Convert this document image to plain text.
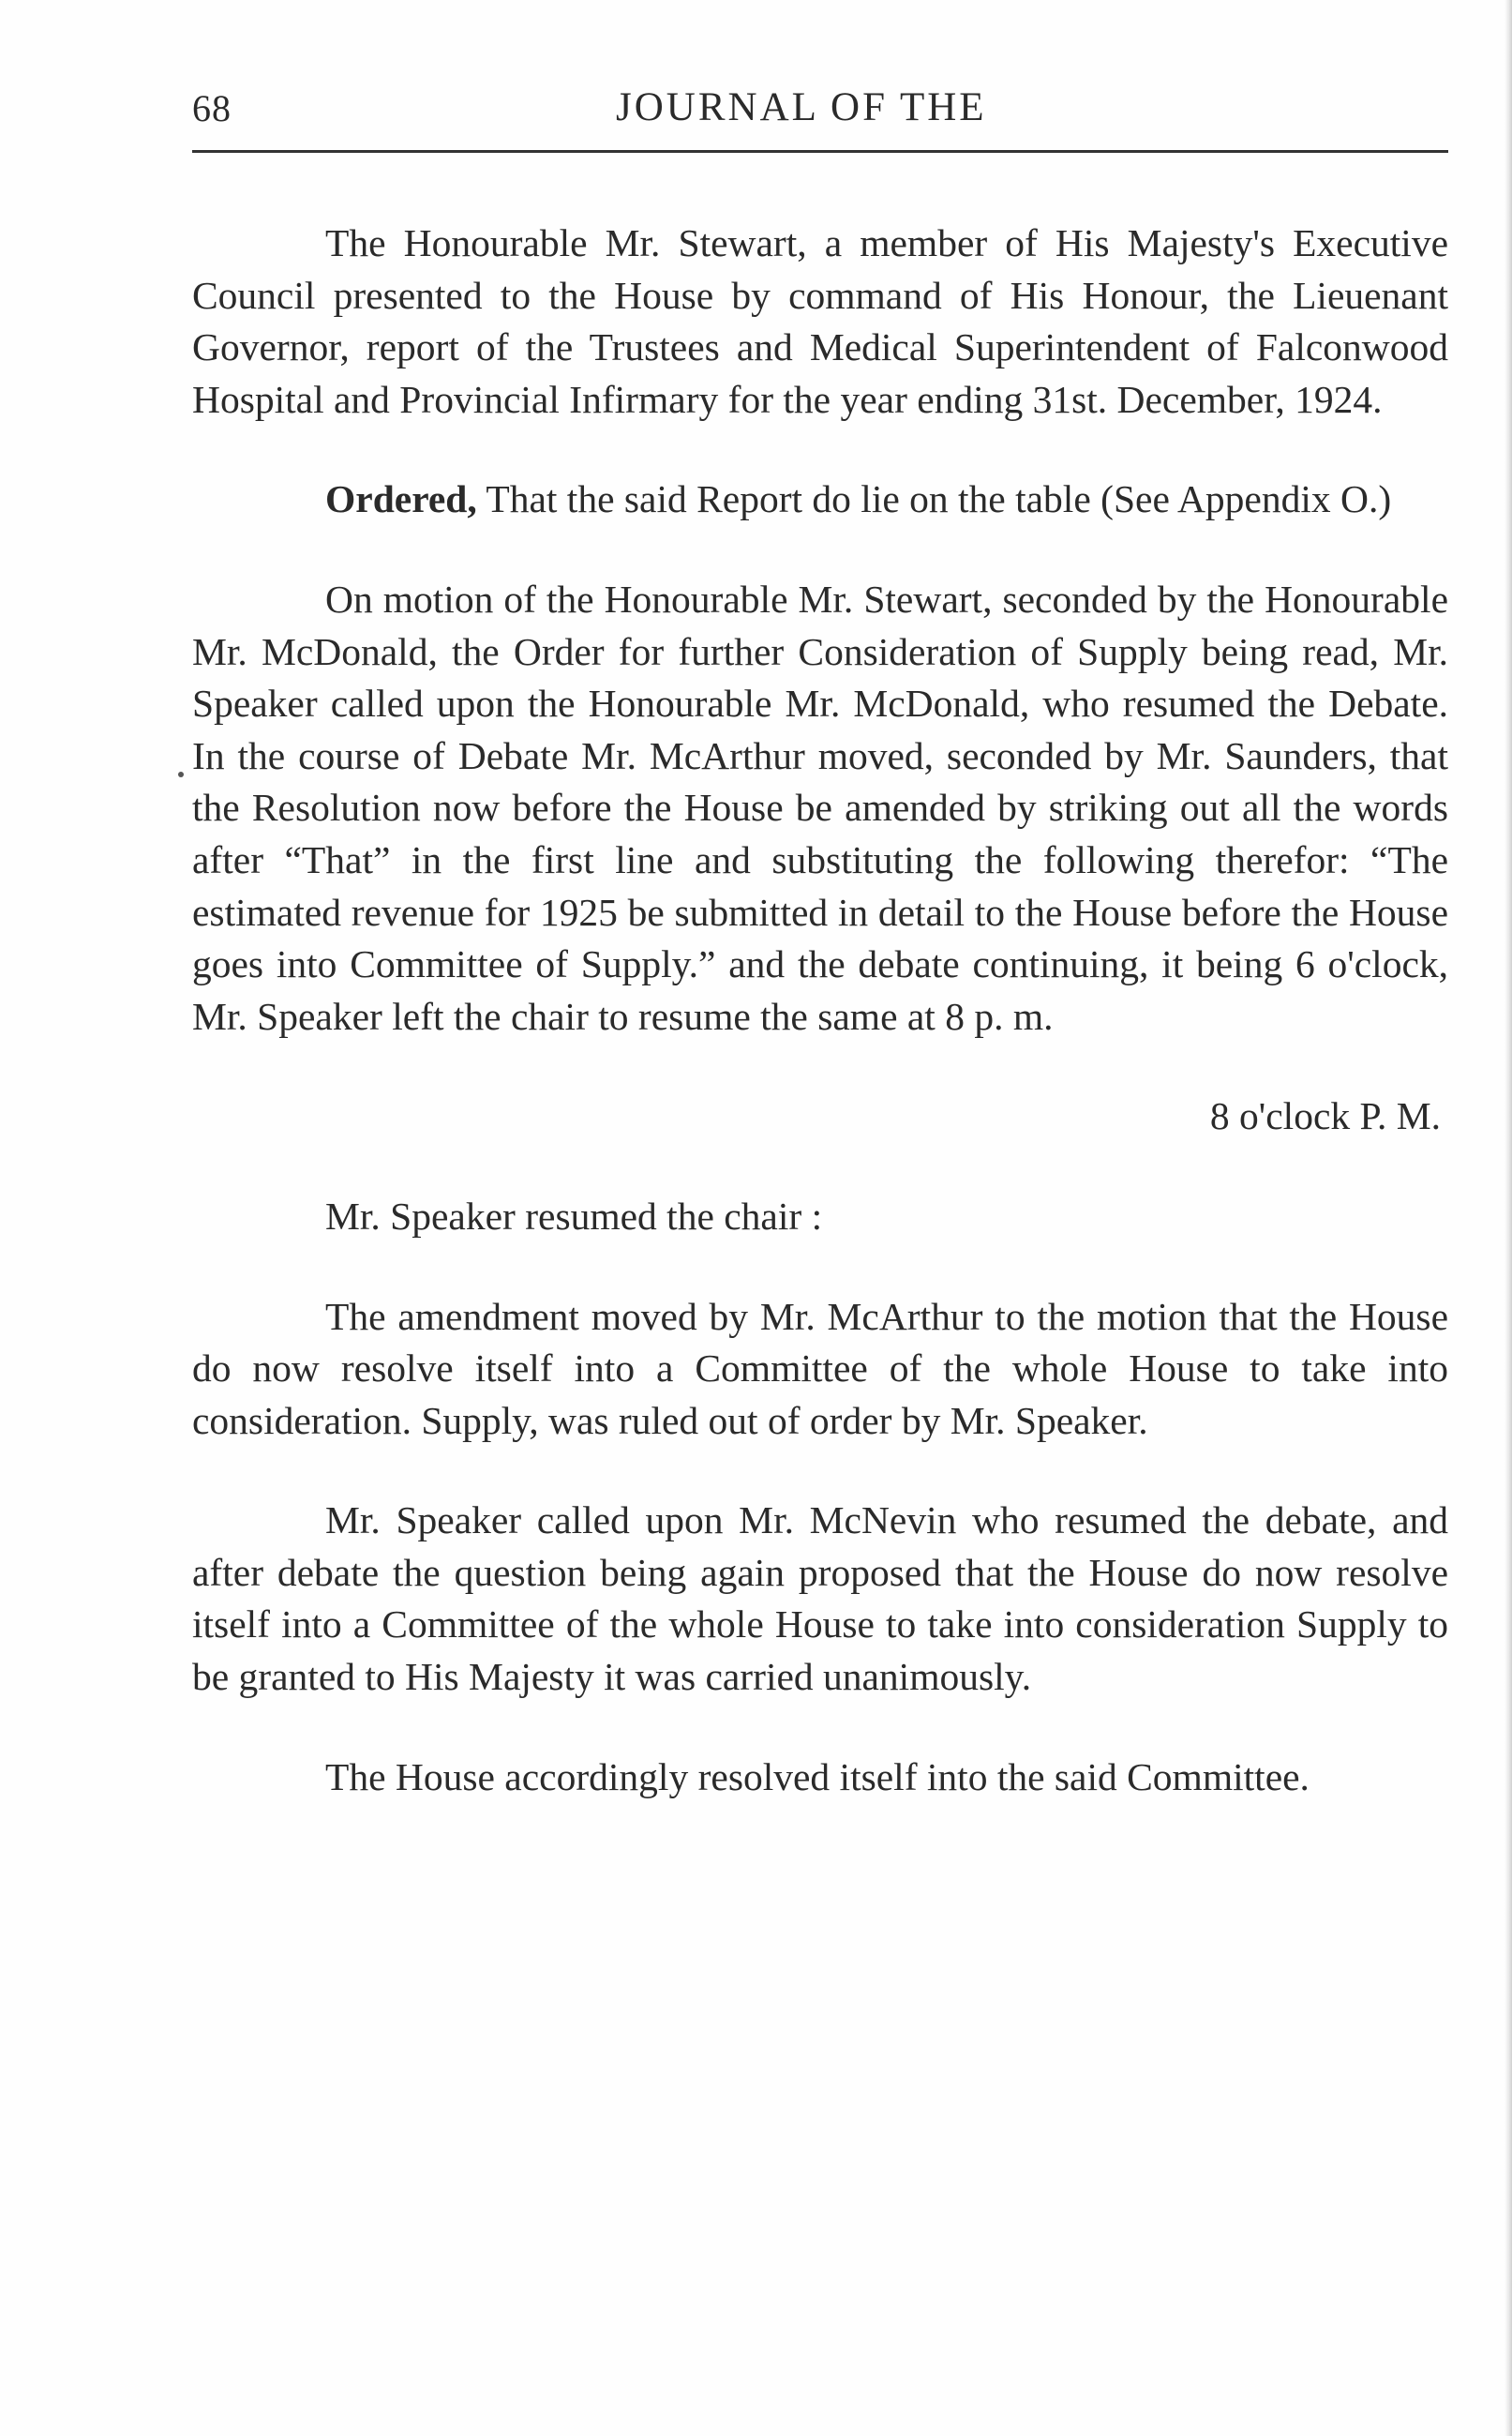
68	JOURNAL OF THE

The Honourable Mr. Stewart, a member of His Majesty's Executive Council presented to the House by command of His Honour, the Lieuenant Governor, report of the Trustees and Medical Superintendent of Falconwood Hospital and Provincial Infirmary for the year ending 31st. December, 1924.

Ordered, That the said Report do lie on the table (See Appendix O.)

On motion of the Honourable Mr. Stewart, seconded by the Honourable Mr. McDonald, the Order for further Consideration of Supply being read, Mr. Speaker called upon the Honourable Mr. McDonald, who resumed the Debate. In the course of Debate Mr. McArthur moved, seconded by Mr. Saunders, that the Resolution now before the House be amended by striking out all the words after “That” in the first line and substituting the following therefor: “The estimated revenue for 1925 be submitted in detail to the House before the House goes into Committee of Supply.” and the debate continuing, it being 6 o'clock, Mr. Speaker left the chair to resume the same at 8 p. m.

8 o'clock P. M.

Mr. Speaker resumed the chair :

The amendment moved by Mr. McArthur to the motion that the House do now resolve itself into a Committee of the whole House to take into consideration. Supply, was ruled out of order by Mr. Speaker.

Mr. Speaker called upon Mr. McNevin who resumed the debate, and after debate the question being again proposed that the House do now resolve itself into a Committee of the whole House to take into consideration Supply to be granted to His Majesty it was carried unanimously.

The House accordingly resolved itself into the said Committee.
